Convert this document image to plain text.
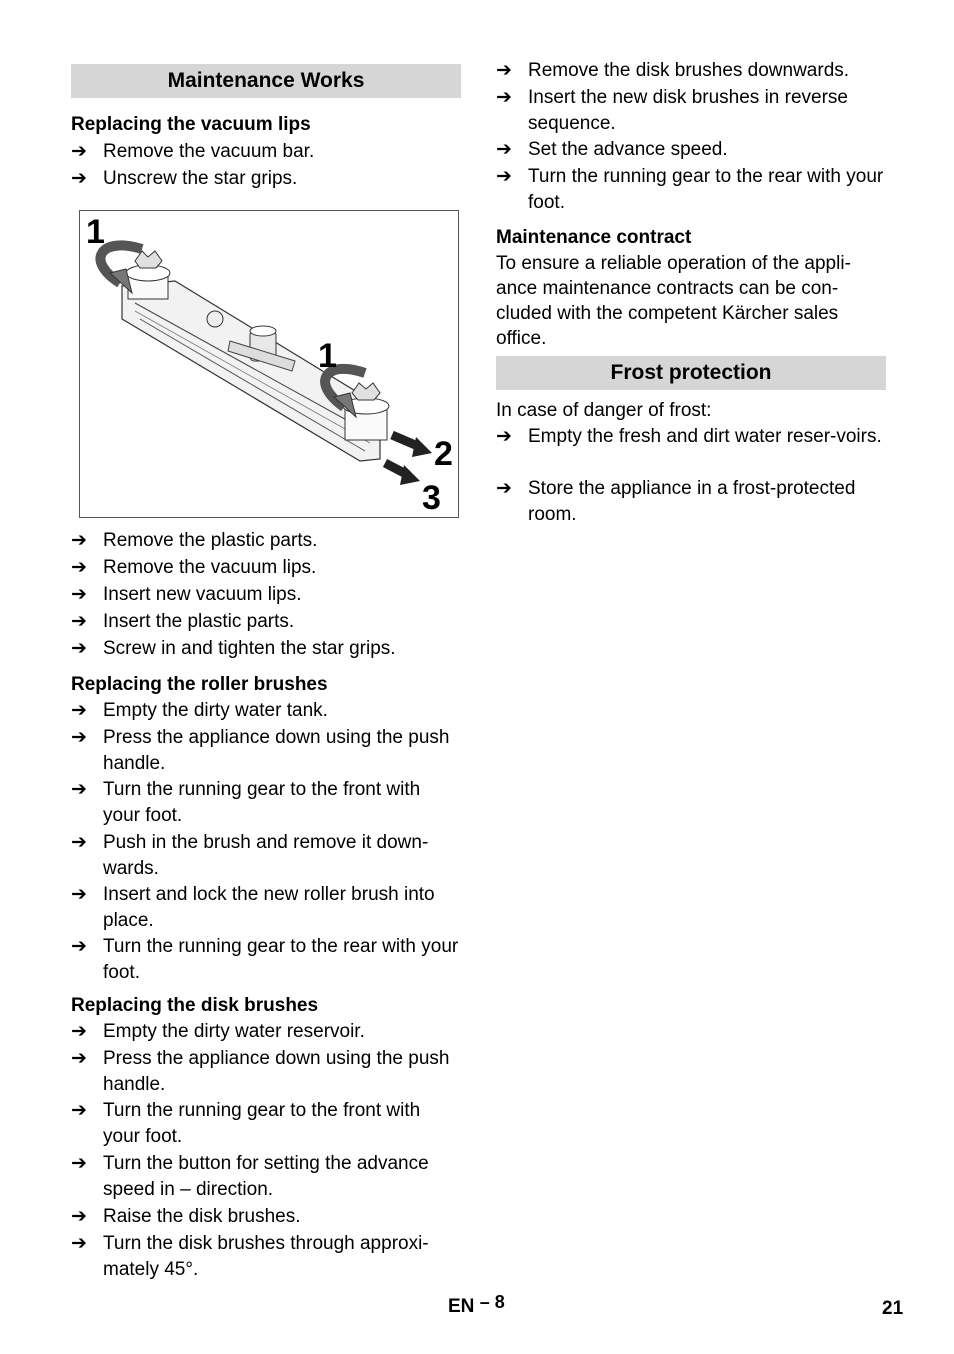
Maintenance Works
Replacing the vacuum lips
➔ Remove the vacuum bar.
➔ Unscrew the star grips.
➔ Remove the plastic parts.
➔ Remove the vacuum lips.
➔ Insert new vacuum lips.
➔ Insert the plastic parts.
➔ Screw in and tighten the star grips.
Replacing the roller brushes
➔ Empty the dirty water tank.
➔ Press the appliance down using the push handle.
➔ Turn the running gear to the front with your foot.
➔ Push in the brush and remove it down-wards.
➔ Insert and lock the new roller brush into place.
➔ Turn the running gear to the rear with your foot.
Replacing the disk brushes
➔ Empty the dirty water reservoir.
➔ Press the appliance down using the push handle.
➔ Turn the running gear to the front with your foot.
➔ Turn the button for setting the advance speed in – direction.
➔ Raise the disk brushes.
➔ Turn the disk brushes through approxi-mately 45°.
1
1
2
3
➔ Remove the disk brushes downwards.
➔ Insert the new disk brushes in reverse sequence.
➔ Set the advance speed.
➔ Turn the running gear to the rear with your foot.
Maintenance contract
To ensure a reliable operation of the appli-ance maintenance contracts can be con-cluded with the competent Kärcher sales office.
Frost protection
In case of danger of frost:
➔ Empty the fresh and dirt water reser-voirs.
➔ Store the appliance in a frost-protected room.
EN – 8	21
